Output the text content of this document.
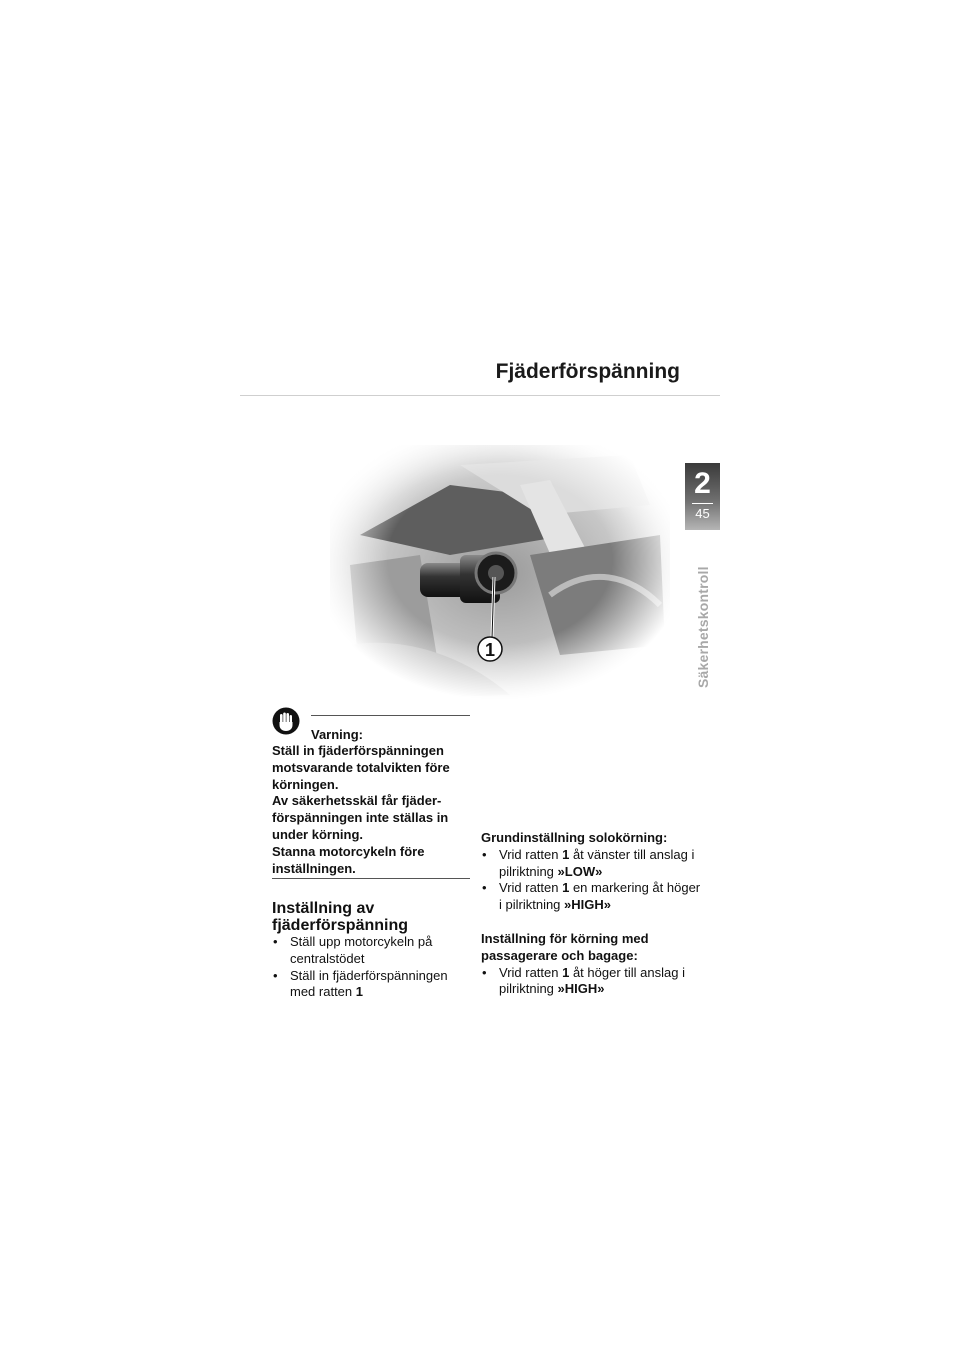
Fjäderförspänning
2
45
Säkerhetskontroll
1
Varning:

Ställ in fjäderförspänningen motsvarande totalvikten före körningen.

Av säkerhetsskäl får fjäder-förspänningen inte ställas in under körning.

Stanna motorcykeln före inställningen.

Inställning av fjäderförspänning
• Ställ upp motorcykeln på centralstödet
• Ställ in fjäderförspänningen med ratten 1

Grundinställning solokörning:

• Vrid ratten 1 åt vänster till anslag i pilriktning »LOW»
• Vrid ratten 1 en markering åt höger i pilriktning »HIGH»

Inställning för körning med passagerare och bagage:

• Vrid ratten 1 åt höger till anslag i pilriktning »HIGH»
